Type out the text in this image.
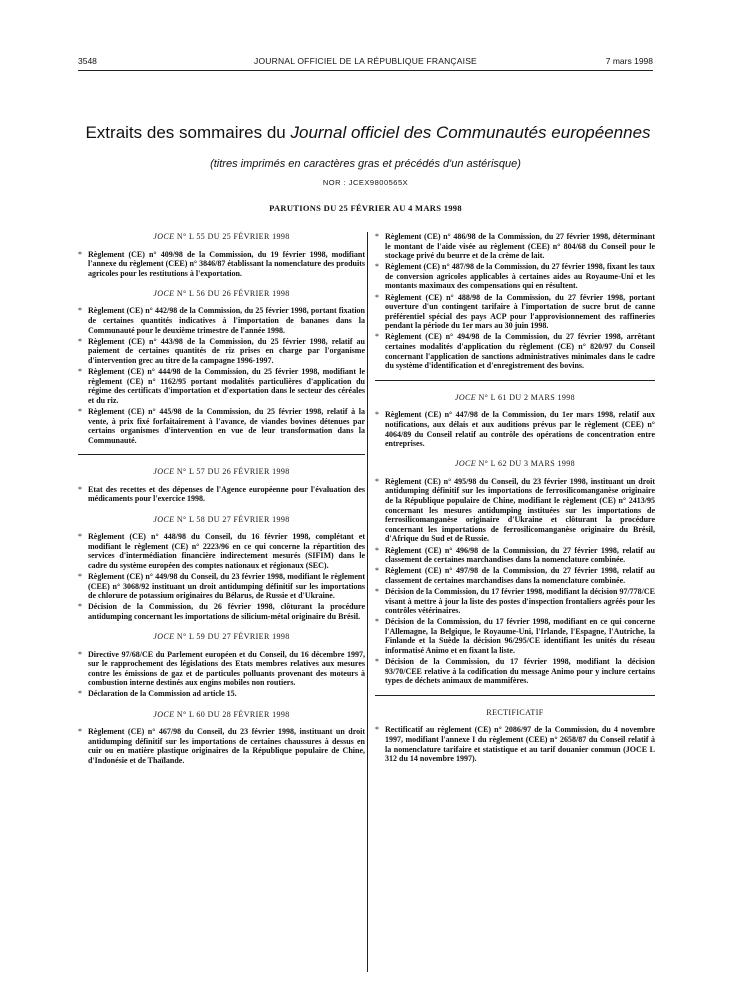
3548	JOURNAL OFFICIEL DE LA RÉPUBLIQUE FRANÇAISE	7 mars 1998
Extraits des sommaires du Journal officiel des Communautés européennes
(titres imprimés en caractères gras et précédés d'un astérisque)
NOR : JCEX9800565X
PARUTIONS DU 25 FÉVRIER AU 4 MARS 1998
JOCE N° L 55 DU 25 FÉVRIER 1998
* Règlement (CE) n° 409/98 de la Commission, du 19 février 1998, modifiant l'annexe du règlement (CEE) n° 3846/87 établissant la nomenclature des produits agricoles pour les restitutions à l'exportation.
JOCE N° L 56 DU 26 FÉVRIER 1998
* Règlement (CE) n° 442/98 de la Commission, du 25 février 1998, portant fixation de certaines quantités indicatives à l'importation de bananes dans la Communauté pour le deuxième trimestre de l'année 1998.
* Règlement (CE) n° 443/98 de la Commission, du 25 février 1998, relatif au paiement de certaines quantités de riz prises en charge par l'organisme d'intervention grec au titre de la campagne 1996-1997.
* Règlement (CE) n° 444/98 de la Commission, du 25 février 1998, modifiant le règlement (CE) n° 1162/95 portant modalités particulières d'application du régime des certificats d'importation et d'exportation dans le secteur des céréales et du riz.
* Règlement (CE) n° 445/98 de la Commission, du 25 février 1998, relatif à la vente, à prix fixé forfaitairement à l'avance, de viandes bovines détenues par certains organismes d'intervention en vue de leur transformation dans la Communauté.
JOCE N° L 57 DU 26 FÉVRIER 1998
* Etat des recettes et des dépenses de l'Agence européenne pour l'évaluation des médicaments pour l'exercice 1998.
JOCE N° L 58 DU 27 FÉVRIER 1998
* Règlement (CE) n° 448/98 du Conseil, du 16 février 1998, complétant et modifiant le règlement (CE) n° 2223/96 en ce qui concerne la répartition des services d'intermédiation financière indirectement mesurés (SIFIM) dans le cadre du système européen des comptes nationaux et régionaux (SEC).
* Règlement (CE) n° 449/98 du Conseil, du 23 février 1998, modifiant le règlement (CEE) n° 3068/92 instituant un droit antidumping définitif sur les importations de chlorure de potassium originaires du Bélarus, de Russie et d'Ukraine.
* Décision de la Commission, du 26 février 1998, clôturant la procédure antidumping concernant les importations de silicium-métal originaire du Brésil.
JOCE N° L 59 DU 27 FÉVRIER 1998
* Directive 97/68/CE du Parlement européen et du Conseil, du 16 décembre 1997, sur le rapprochement des législations des Etats membres relatives aux mesures contre les émissions de gaz et de particules polluants provenant des moteurs à combustion interne destinés aux engins mobiles non routiers.
* Déclaration de la Commission ad article 15.
JOCE N° L 60 DU 28 FÉVRIER 1998
* Règlement (CE) n° 467/98 du Conseil, du 23 février 1998, instituant un droit antidumping définitif sur les importations de certaines chaussures à dessus en cuir ou en matière plastique originaires de la République populaire de Chine, d'Indonésie et de Thaïlande.
* Règlement (CE) n° 486/98 de la Commission, du 27 février 1998, déterminant le montant de l'aide visée au règlement (CEE) n° 804/68 du Conseil pour le stockage privé du beurre et de la crème de lait.
* Règlement (CE) n° 487/98 de la Commission, du 27 février 1998, fixant les taux de conversion agricoles applicables à certaines aides au Royaume-Uni et les montants maximaux des compensations qui en résultent.
* Règlement (CE) n° 488/98 de la Commission, du 27 février 1998, portant ouverture d'un contingent tarifaire à l'importation de sucre brut de canne préférentiel spécial des pays ACP pour l'approvisionnement des raffineries pendant la période du 1er mars au 30 juin 1998.
* Règlement (CE) n° 494/98 de la Commission, du 27 février 1998, arrêtant certaines modalités d'application du règlement (CE) n° 820/97 du Conseil concernant l'application de sanctions administratives minimales dans le cadre du système d'identification et d'enregistrement des bovins.
JOCE N° L 61 DU 2 MARS 1998
* Règlement (CE) n° 447/98 de la Commission, du 1er mars 1998, relatif aux notifications, aux délais et aux auditions prévus par le règlement (CEE) n° 4064/89 du Conseil relatif au contrôle des opérations de concentration entre entreprises.
JOCE N° L 62 DU 3 MARS 1998
* Règlement (CE) n° 495/98 du Conseil, du 23 février 1998, instituant un droit antidumping définitif sur les importations de ferrosilicomanganèse originaire de la République populaire de Chine, modifiant le règlement (CE) n° 2413/95 concernant les mesures antidumping instituées sur les importations de ferrosilicomanganèse originaire d'Ukraine et clôturant la procédure concernant les importations de ferrosilicomanganèse originaire du Brésil, d'Afrique du Sud et de Russie.
* Règlement (CE) n° 496/98 de la Commission, du 27 février 1998, relatif au classement de certaines marchandises dans la nomenclature combinée.
* Règlement (CE) n° 497/98 de la Commission, du 27 février 1998, relatif au classement de certaines marchandises dans la nomenclature combinée.
* Décision de la Commission, du 17 février 1998, modifiant la décision 97/778/CE visant à mettre à jour la liste des postes d'inspection frontaliers agréés pour les contrôles vétérinaires.
* Décision de la Commission, du 17 février 1998, modifiant en ce qui concerne l'Allemagne, la Belgique, le Royaume-Uni, l'Irlande, l'Espagne, l'Autriche, la Finlande et la Suède la décision 96/295/CE identifiant les unités du réseau informatisé Animo et en fixant la liste.
* Décision de la Commission, du 17 février 1998, modifiant la décision 93/70/CEE relative à la codification du message Animo pour y inclure certains types de déchets animaux de mammifères.
RECTIFICATIF
* Rectificatif au règlement (CE) n° 2086/97 de la Commission, du 4 novembre 1997, modifiant l'annexe I du règlement (CEE) n° 2658/87 du Conseil relatif à la nomenclature tarifaire et statistique et au tarif douanier commun (JOCE L 312 du 14 novembre 1997).
